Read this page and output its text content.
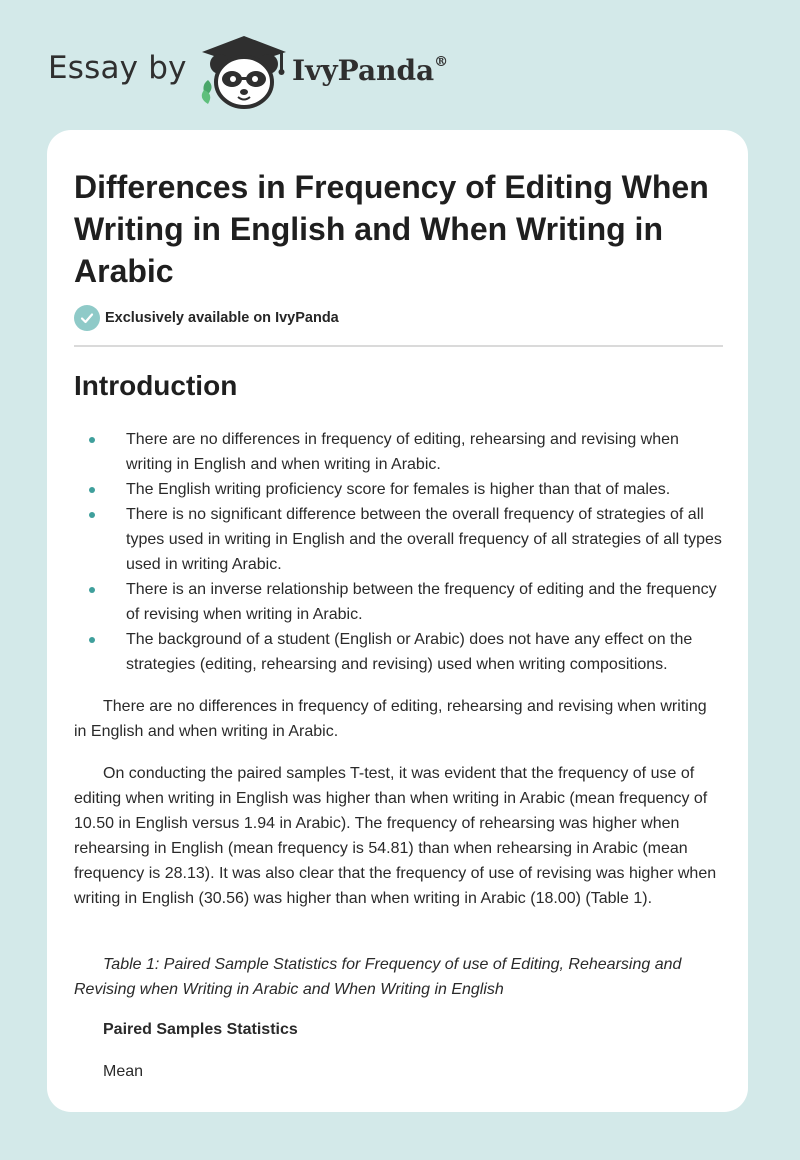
Essay by	IvyPanda®
Differences in Frequency of Editing When Writing in English and When Writing in Arabic
Exclusively available on IvyPanda
Introduction
There are no differences in frequency of editing, rehearsing and revising when writing in English and when writing in Arabic.
The English writing proficiency score for females is higher than that of males.
There is no significant difference between the overall frequency of strategies of all types used in writing in English and the overall frequency of all strategies of all types used in writing Arabic.
There is an inverse relationship between the frequency of editing and the frequency of revising when writing in Arabic.
The background of a student (English or Arabic) does not have any effect on the strategies (editing, rehearsing and revising) used when writing compositions.

There are no differences in frequency of editing, rehearsing and revising when writing in English and when writing in Arabic.

On conducting the paired samples T-test, it was evident that the frequency of use of editing when writing in English was higher than when writing in Arabic (mean frequency of 10.50 in English versus 1.94 in Arabic). The frequency of rehearsing was higher when rehearsing in English (mean frequency is 54.81) than when rehearsing in Arabic (mean frequency is 28.13). It was also clear that the frequency of use of revising was higher when writing in English (30.56) was higher than when writing in Arabic (18.00) (Table 1).

Table 1: Paired Sample Statistics for Frequency of use of Editing, Rehearsing and Revising when Writing in Arabic and When Writing in English

Paired Samples Statistics

Mean
